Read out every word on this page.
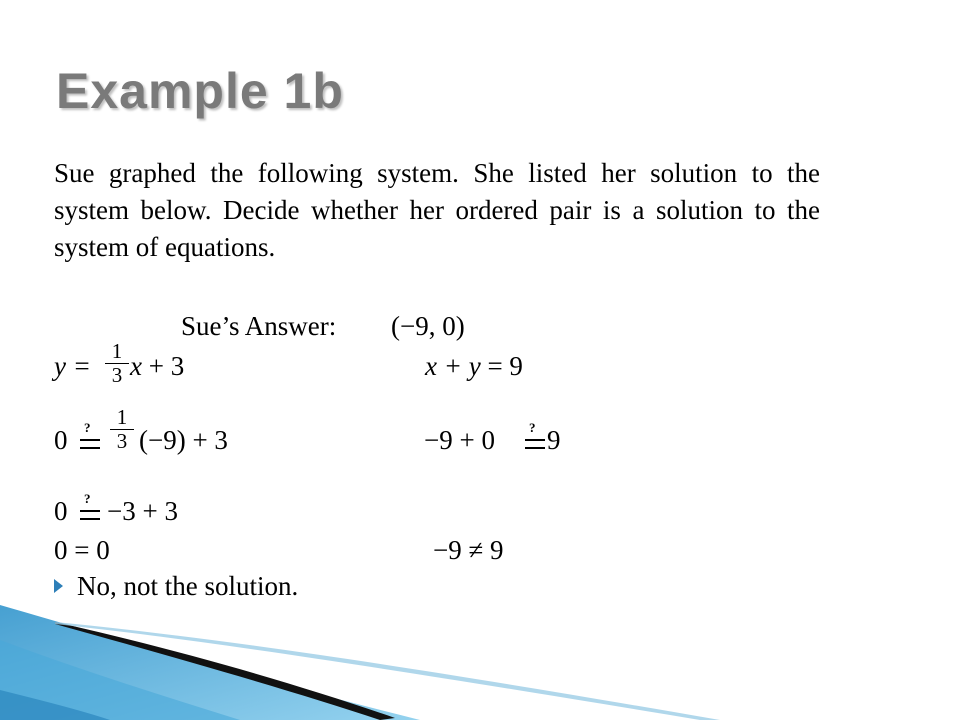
Example 1b

Sue graphed the following system. She listed her solution to the system below. Decide whether her ordered pair is a solution to the system of equations.

Sue’s Answer: (−9, 0)
$y = \frac{1}{3}$ x + 3	x + y = 9
0 ? $\frac{1}{3} (-9) + 3$	−9 + 0	? 9
0 ? −3 + 3
0 = 0	−9 ≠ 9
No, not the solution.
